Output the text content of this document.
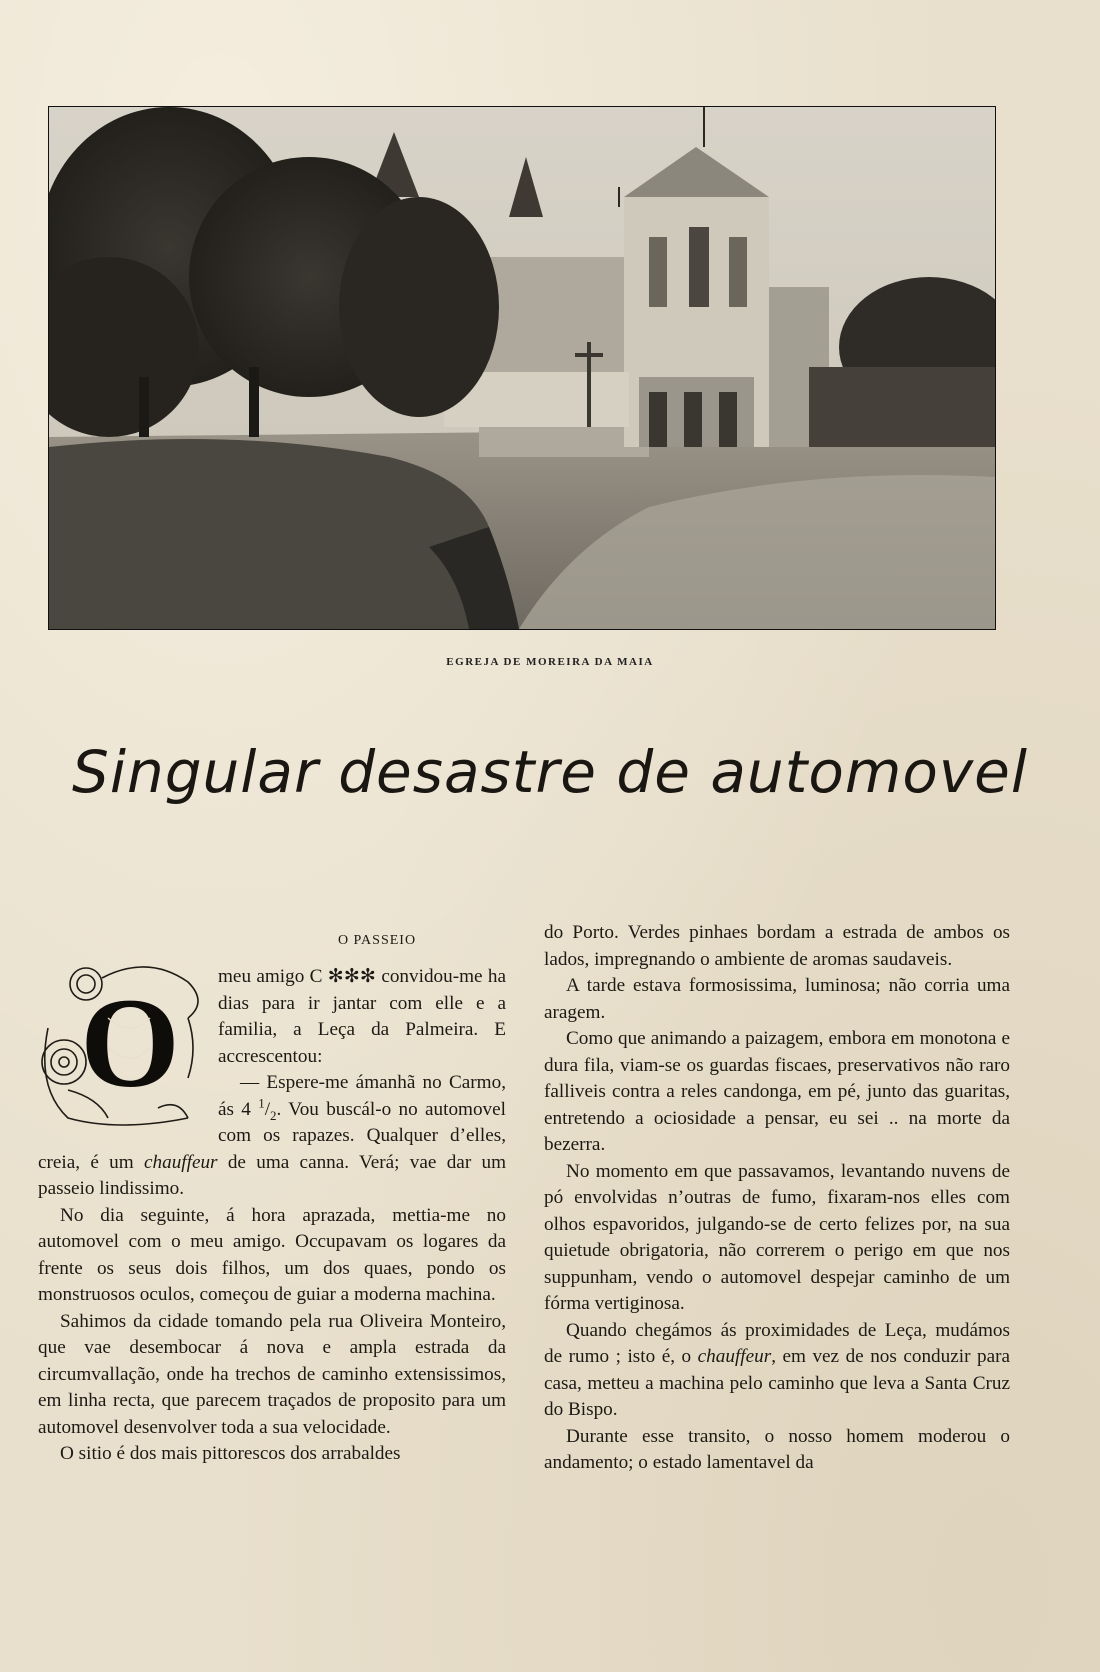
EGREJA DE MOREIRA DA MAIA
Singular desastre de automovel
O PASSEIO
O	meu amigo C ✻✻✻ convidou-me ha dias para ir jantar com elle e a familia, a Leça da Palmeira. E accrescentou:

— Espere-me ámanhã no Carmo, ás 4 $^1/_2$. Vou buscál-o no automovel com os rapazes. Qualquer d’elles, creia, é um chauffeur de uma canna. Verá; vae dar um passeio lindissimo.

No dia seguinte, á hora aprazada, mettia-me no automovel com o meu amigo. Occupavam os logares da frente os seus dois filhos, um dos quaes, pondo os monstruosos oculos, começou de guiar a moderna machina.

Sahimos da cidade tomando pela rua Oliveira Monteiro, que vae desembocar á nova e ampla estrada da circumvallação, onde ha trechos de caminho extensissimos, em linha recta, que parecem traçados de proposito para um automovel desenvolver toda a sua velocidade.

O sitio é dos mais pittorescos dos arrabaldes

do Porto. Verdes pinhaes bordam a estrada de ambos os lados, impregnando o ambiente de aromas saudaveis.

A tarde estava formosissima, luminosa; não corria uma aragem.

Como que animando a paizagem, embora em monotona e dura fila, viam-se os guardas fiscaes, preservativos não raro falliveis contra a reles candonga, em pé, junto das guaritas, entretendo a ociosidade a pensar, eu sei .. na morte da bezerra.

No momento em que passavamos, levantando nuvens de pó envolvidas n’outras de fumo, fixaram-nos elles com olhos espavoridos, julgando-se de certo felizes por, na sua quietude obrigatoria, não correrem o perigo em que nos suppunham, vendo o automovel despejar caminho de um fórma vertiginosa.

Quando chegámos ás proximidades de Leça, mudámos de rumo ; isto é, o chauffeur, em vez de nos conduzir para casa, metteu a machina pelo caminho que leva a Santa Cruz do Bispo.

Durante esse transito, o nosso homem moderou o andamento; o estado lamentavel da
